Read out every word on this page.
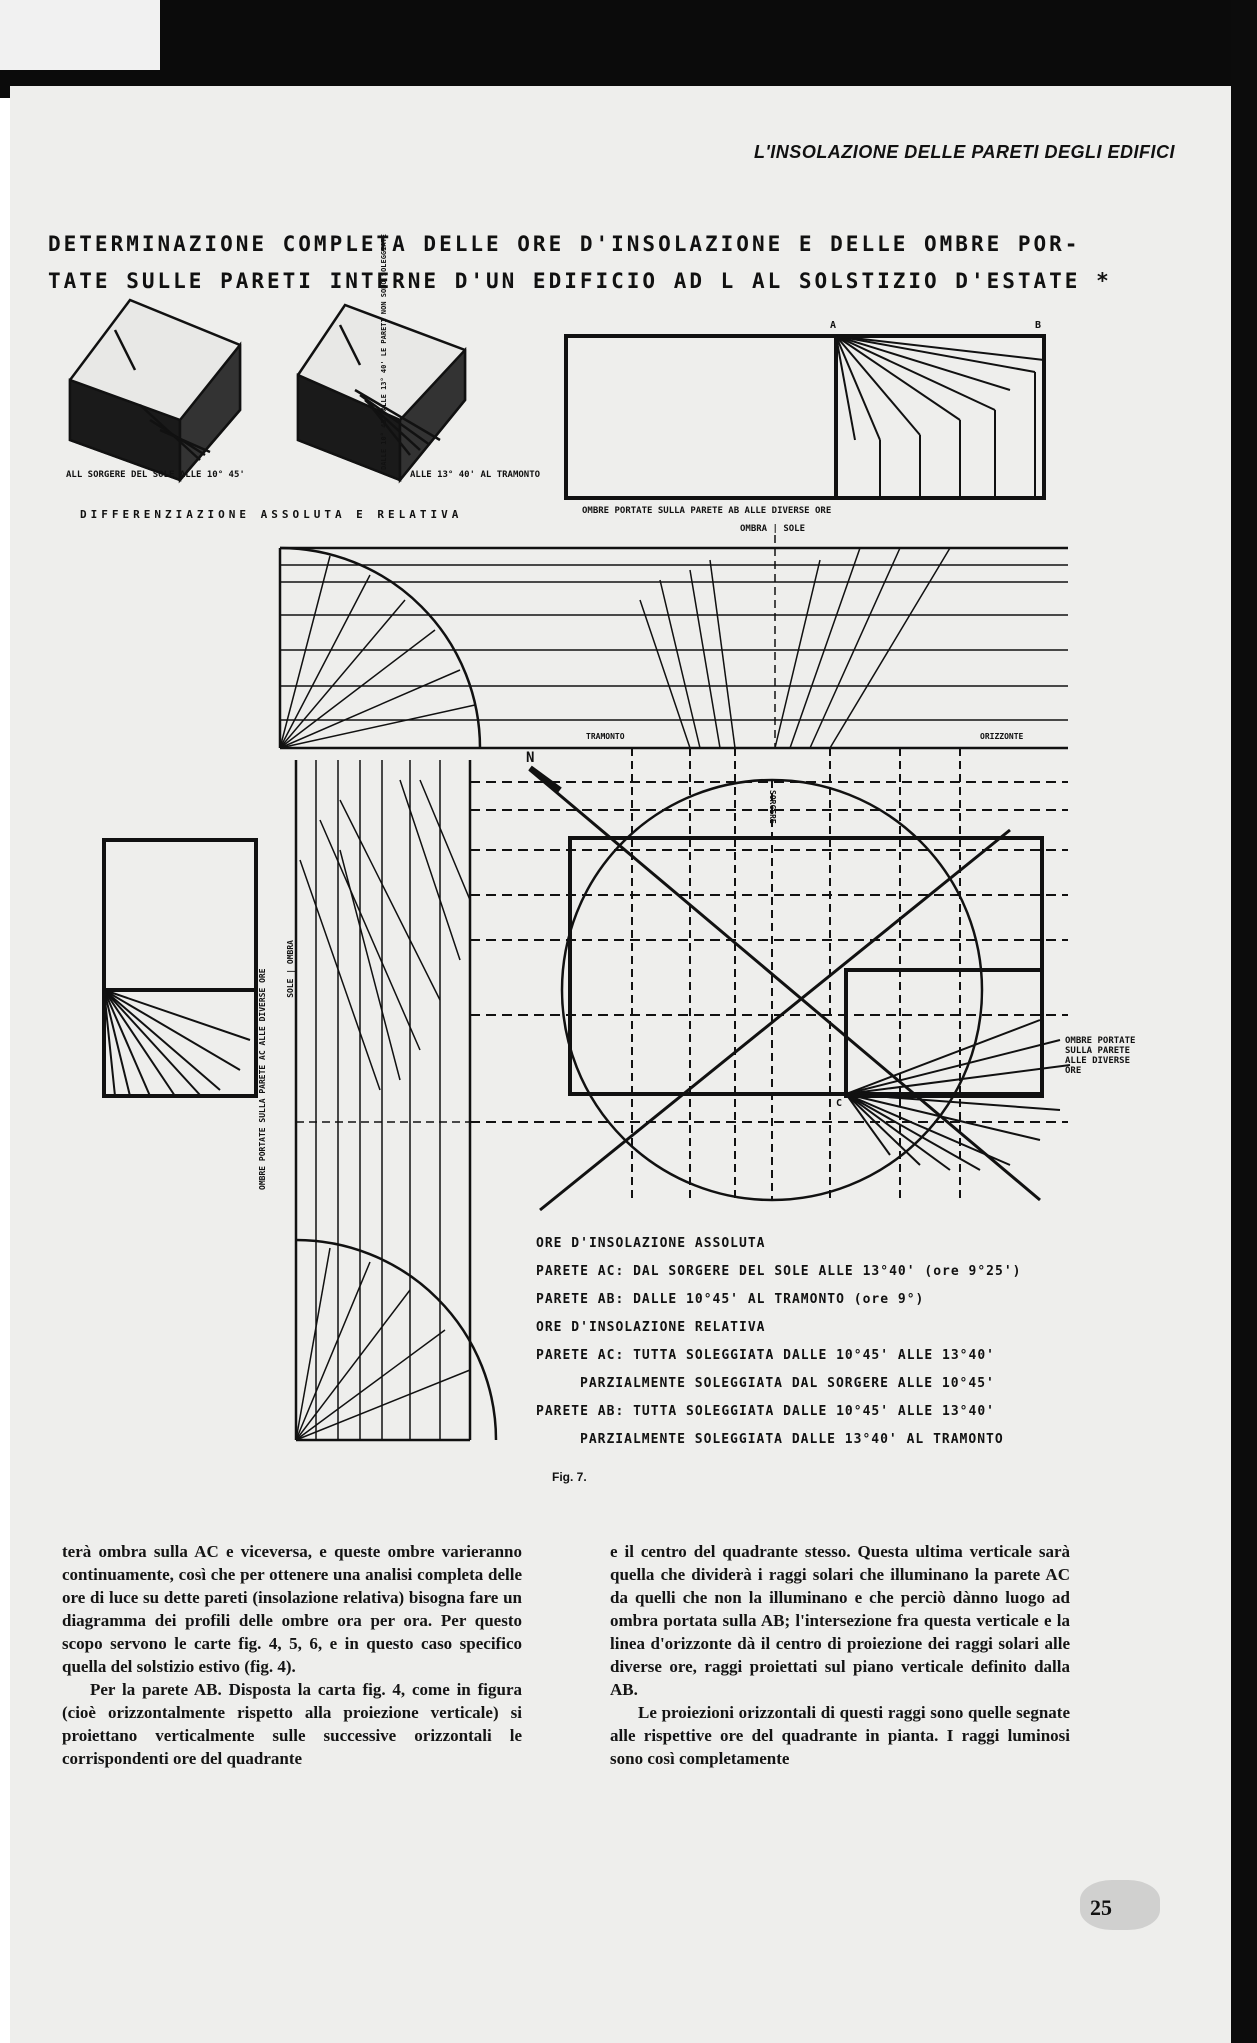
L'INSOLAZIONE DELLE PARETI DEGLI EDIFICI
DETERMINAZIONE COMPLETA DELLE ORE D'INSOLAZIONE E DELLE OMBRE POR-
TATE SULLE PARETI INTERNE D'UN EDIFICIO AD L AL SOLSTIZIO D'ESTATE *
ALL SORGERE DEL SOLE ALLE 10° 45'	ALLE 13° 40' AL TRAMONTO
DALLE 10° 45' ALLE 13° 40' LE PARETI NON SONO SOLEGGIATE
DIFFERENZIAZIONE ASSOLUTA E RELATIVA	OMBRE PORTATE SULLA PARETE AB ALLE DIVERSE ORE
OMBRA | SOLE
TRAMONTO	ORIZZONTE
SORGERE
N
OMBRE PORTATE SULLA PARETE AC ALLE DIVERSE ORE SOLE | OMBRA
OMBRE PORTATE SULLA PARETE ALLE DIVERSE ORE
A	B
C
ORE D'INSOLAZIONE ASSOLUTA
PARETE AC: DAL SORGERE DEL SOLE ALLE 13°40' (ore 9°25')
PARETE AB: DALLE 10°45' AL TRAMONTO (ore 9°)
ORE D'INSOLAZIONE RELATIVA
PARETE AC: TUTTA SOLEGGIATA DALLE 10°45' ALLE 13°40'
PARZIALMENTE SOLEGGIATA DAL SORGERE ALLE 10°45'
PARETE AB: TUTTA SOLEGGIATA DALLE 10°45' ALLE 13°40'
PARZIALMENTE SOLEGGIATA DALLE 13°40' AL TRAMONTO
Fig. 7.

terà ombra sulla AC e viceversa, e queste ombre varieranno continuamente, così che per ottenere una analisi completa delle ore di luce su dette pareti (insolazione relativa) bisogna fare un diagramma dei profili delle ombre ora per ora. Per questo scopo servono le carte fig. 4, 5, 6, e in questo caso specifico quella del solstizio estivo (fig. 4).

Per la parete AB. Disposta la carta fig. 4, come in figura (cioè orizzontalmente rispetto alla proiezione verticale) si proiettano verticalmente sulle successive orizzontali le corrispondenti ore del quadrante

e il centro del quadrante stesso. Questa ultima verticale sarà quella che dividerà i raggi solari che illuminano la parete AC da quelli che non la illuminano e che perciò dànno luogo ad ombra portata sulla AB; l'intersezione fra questa verticale e la linea d'orizzonte dà il centro di proiezione dei raggi solari alle diverse ore, raggi proiettati sul piano verticale definito dalla AB.

Le proiezioni orizzontali di questi raggi sono quelle segnate alle rispettive ore del quadrante in pianta. I raggi luminosi sono così completamente

25
